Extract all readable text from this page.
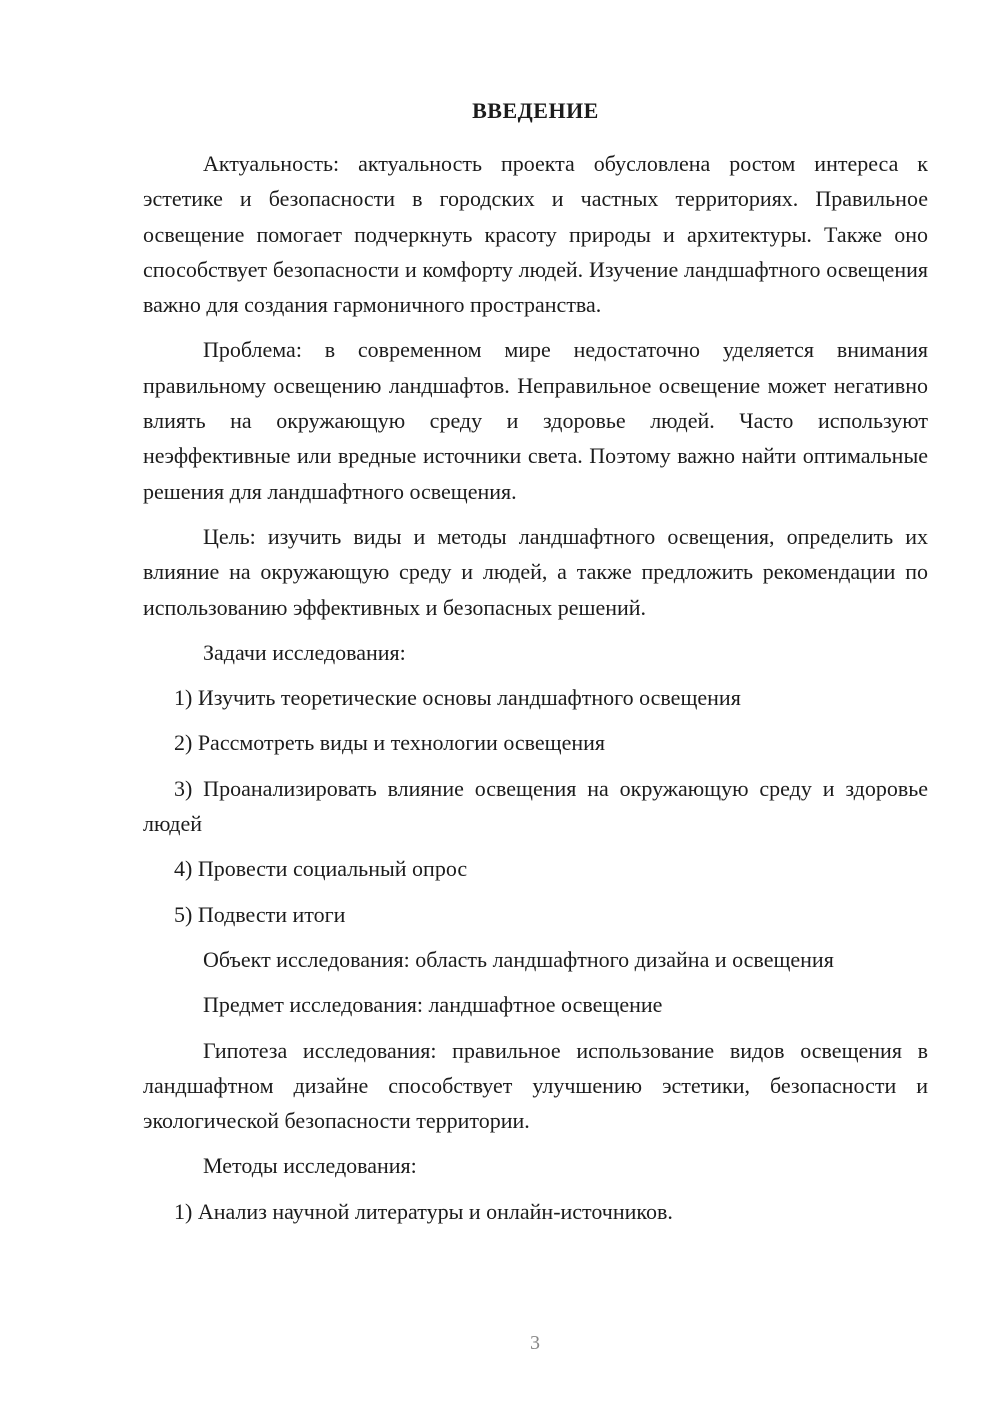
ВВЕДЕНИЕ

Актуальность: актуальность проекта обусловлена ростом интереса к эстетике и безопасности в городских и частных территориях. Правильное освещение помогает подчеркнуть красоту природы и архитектуры. Также оно способствует безопасности и комфорту людей. Изучение ландшафтного освещения важно для создания гармоничного пространства.

Проблема: в современном мире недостаточно уделяется внимания правильному освещению ландшафтов. Неправильное освещение может негативно влиять на окружающую среду и здоровье людей. Часто используют неэффективные или вредные источники света. Поэтому важно найти оптимальные решения для ландшафтного освещения.

Цель: изучить виды и методы ландшафтного освещения, определить их влияние на окружающую среду и людей, а также предложить рекомендации по использованию эффективных и безопасных решений.

Задачи исследования:

1) Изучить теоретические основы ландшафтного освещения

2) Рассмотреть виды и технологии освещения

3) Проанализировать влияние освещения на окружающую среду и здоровье людей

4) Провести социальный опрос

5) Подвести итоги

Объект исследования: область ландшафтного дизайна и освещения

Предмет исследования: ландшафтное освещение

Гипотеза исследования: правильное использование видов освещения в ландшафтном дизайне способствует улучшению эстетики, безопасности и экологической безопасности территории.

Методы исследования:

1) Анализ научной литературы и онлайн-источников.

3
